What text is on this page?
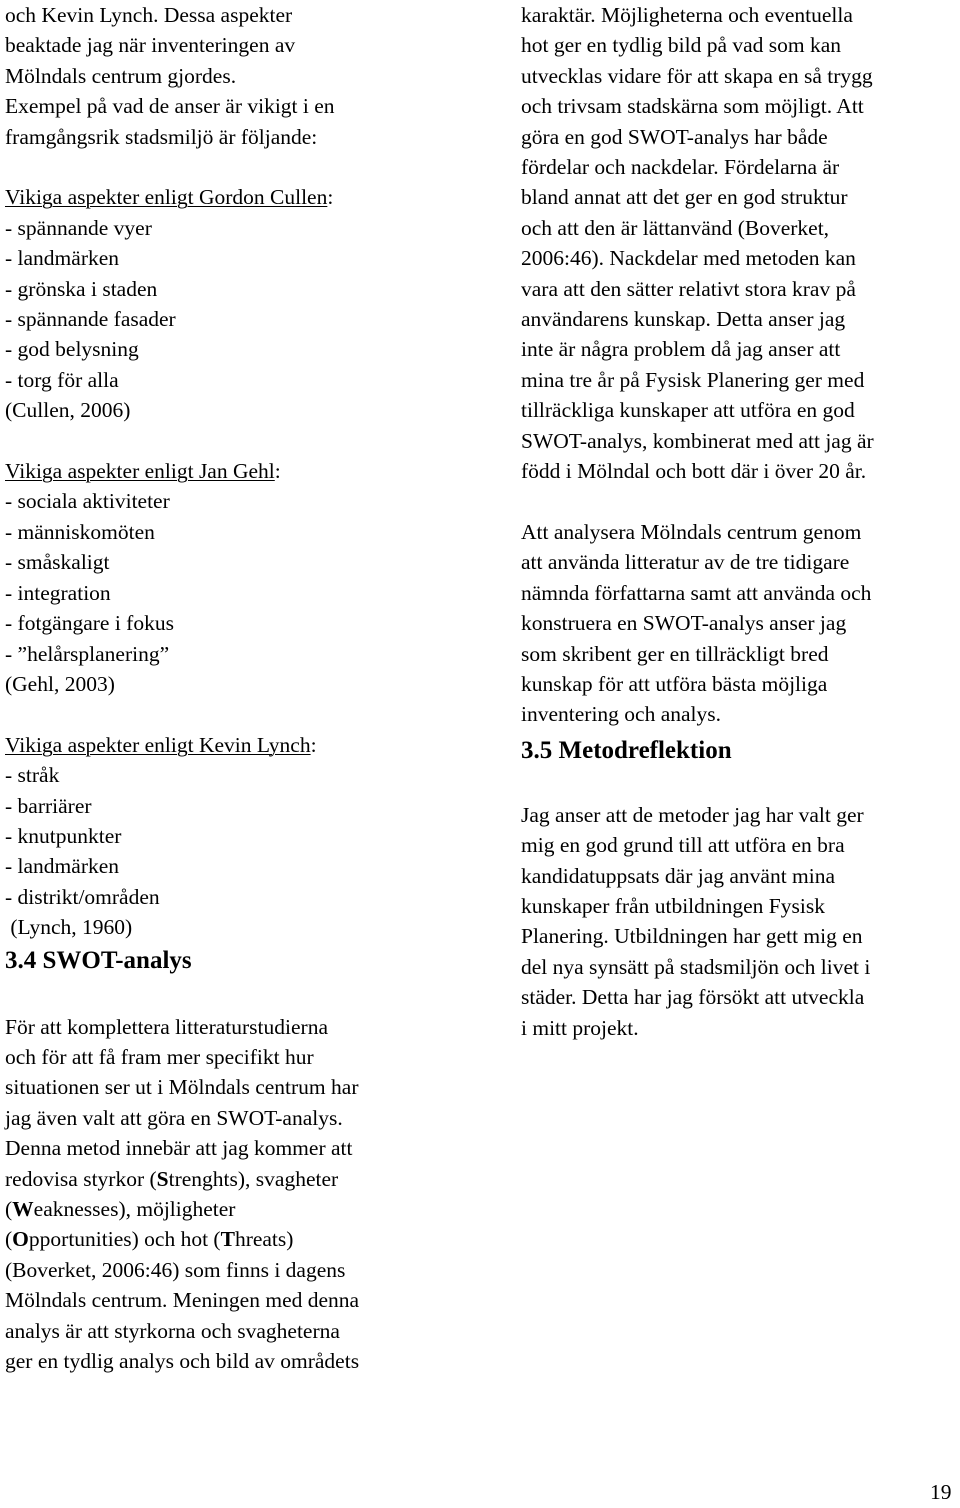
och Kevin Lynch. Dessa aspekter
beaktade jag när inventeringen av
Mölndals centrum gjordes.
Exempel på vad de anser är vikigt i en
framgångsrik stadsmiljö är följande:
Vikiga aspekter enligt Gordon Cullen:
- spännande vyer
- landmärken
- grönska i staden
- spännande fasader
- god belysning
- torg för alla
(Cullen, 2006)
Vikiga aspekter enligt Jan Gehl:
- sociala aktiviteter
- människomöten
- småskaligt
- integration
- fotgängare i fokus
- ”helårsplanering”
(Gehl, 2003)
Vikiga aspekter enligt Kevin Lynch:
- stråk
- barriärer
- knutpunkter
- landmärken
- distrikt/områden
(Lynch, 1960)
3.4 SWOT-analys
För att komplettera litteraturstudierna
och för att få fram mer specifikt hur
situationen ser ut i Mölndals centrum har
jag även valt att göra en SWOT-analys.
Denna metod innebär att jag kommer att
redovisa styrkor (Strenghts), svagheter
(Weaknesses), möjligheter
(Opportunities) och hot (Threats)
(Boverket, 2006:46) som finns i dagens
Mölndals centrum. Meningen med denna
analys är att styrkorna och svagheterna
ger en tydlig analys och bild av områdets
karaktär. Möjligheterna och eventuella
hot ger en tydlig bild på vad som kan
utvecklas vidare för att skapa en så trygg
och trivsam stadskärna som möjligt. Att
göra en god SWOT-analys har både
fördelar och nackdelar. Fördelarna är
bland annat att det ger en god struktur
och att den är lättanvänd (Boverket,
2006:46). Nackdelar med metoden kan
vara att den sätter relativt stora krav på
användarens kunskap. Detta anser jag
inte är några problem då jag anser att
mina tre år på Fysisk Planering ger med
tillräckliga kunskaper att utföra en god
SWOT-analys, kombinerat med att jag är
född i Mölndal och bott där i över 20 år.
Att analysera Mölndals centrum genom
att använda litteratur av de tre tidigare
nämnda författarna samt att använda och
konstruera en SWOT-analys anser jag
som skribent ger en tillräckligt bred
kunskap för att utföra bästa möjliga
inventering och analys.
3.5 Metodreflektion
Jag anser att de metoder jag har valt ger
mig en god grund till att utföra en bra
kandidatuppsats där jag använt mina
kunskaper från utbildningen Fysisk
Planering. Utbildningen har gett mig en
del nya synsätt på stadsmiljön och livet i
städer. Detta har jag försökt att utveckla
i mitt projekt.
19
